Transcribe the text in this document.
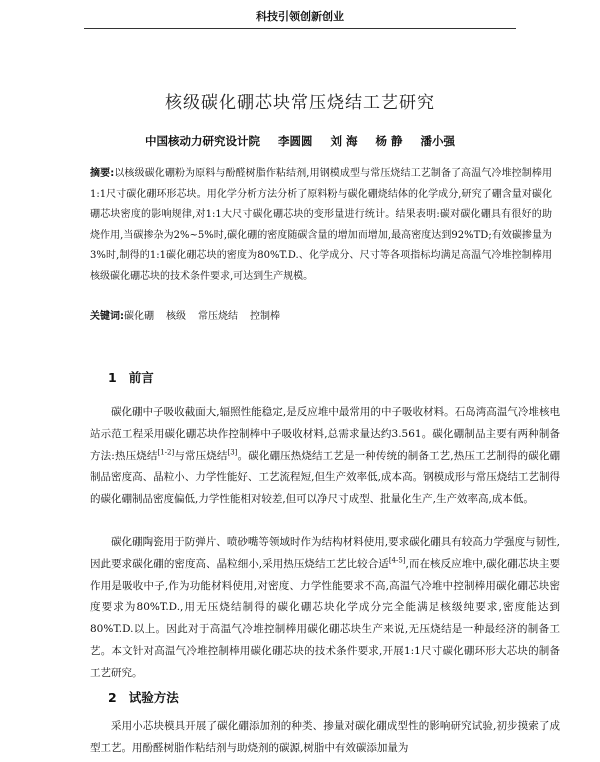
科技引领创新创业
核级碳化硼芯块常压烧结工艺研究
中国核动力研究设计院 李圆圆 刘 海 杨 静 潘小强
摘要:以核级碳化硼粉为原料与酚醛树脂作粘结剂,用钢模成型与常压烧结工艺制备了高温气冷堆控制棒用1:1尺寸碳化硼环形芯块。用化学分析方法分析了原料粉与碳化硼烧结体的化学成分,研究了硼含量对碳化硼芯块密度的影响规律,对1:1大尺寸碳化硼芯块的变形量进行统计。结果表明:碳对碳化硼具有很好的助烧作用,当碳掺杂为2%~5%时,碳化硼的密度随碳含量的增加而增加,最高密度达到92%TD;有效碳掺量为3%时,制得的1:1碳化硼芯块的密度为80%T.D.、化学成分、尺寸等各项指标均满足高温气冷堆控制棒用核级碳化硼芯块的技术条件要求,可达到生产规模。
关键词:碳化硼 核级 常压烧结 控制棒
1 前言

碳化硼中子吸收截面大,辐照性能稳定,是反应堆中最常用的中子吸收材料。石岛湾高温气冷堆核电站示范工程采用碳化硼芯块作控制棒中子吸收材料,总需求量达约3.561。碳化硼制品主要有两种制备方法:热压烧结[1-2]与常压烧结[3]。碳化硼压热烧结工艺是一种传统的制备工艺,热压工艺制得的碳化硼制品密度高、晶粒小、力学性能好、工艺流程短,但生产效率低,成本高。钢模成形与常压烧结工艺制得的碳化硼制品密度偏低,力学性能相对较差,但可以净尺寸成型、批量化生产,生产效率高,成本低。

碳化硼陶瓷用于防弹片、喷砂嘴等领域时作为结构材料使用,要求碳化硼具有较高力学强度与韧性,因此要求碳化硼的密度高、晶粒细小,采用热压烧结工艺比较合适[4-5],而在核反应堆中,碳化硼芯块主要作用是吸收中子,作为功能材料使用,对密度、力学性能要求不高,高温气冷堆中控制棒用碳化硼芯块密度要求为80%T.D.,用无压烧结制得的碳化硼芯块化学成分完全能满足核级纯要求,密度能达到80%T.D.以上。因此对于高温气冷堆控制棒用碳化硼芯块生产来说,无压烧结是一种最经济的制备工艺。本文针对高温气冷堆控制棒用碳化硼芯块的技术条件要求,开展1:1尺寸碳化硼环形大芯块的制备工艺研究。

2 试验方法

采用小芯块模具开展了碳化硼添加剂的种类、掺量对碳化硼成型性的影响研究试验,初步摸索了成型工艺。用酚醛树脂作粘结剂与助烧剂的碳源,树脂中有效碳添加量为
